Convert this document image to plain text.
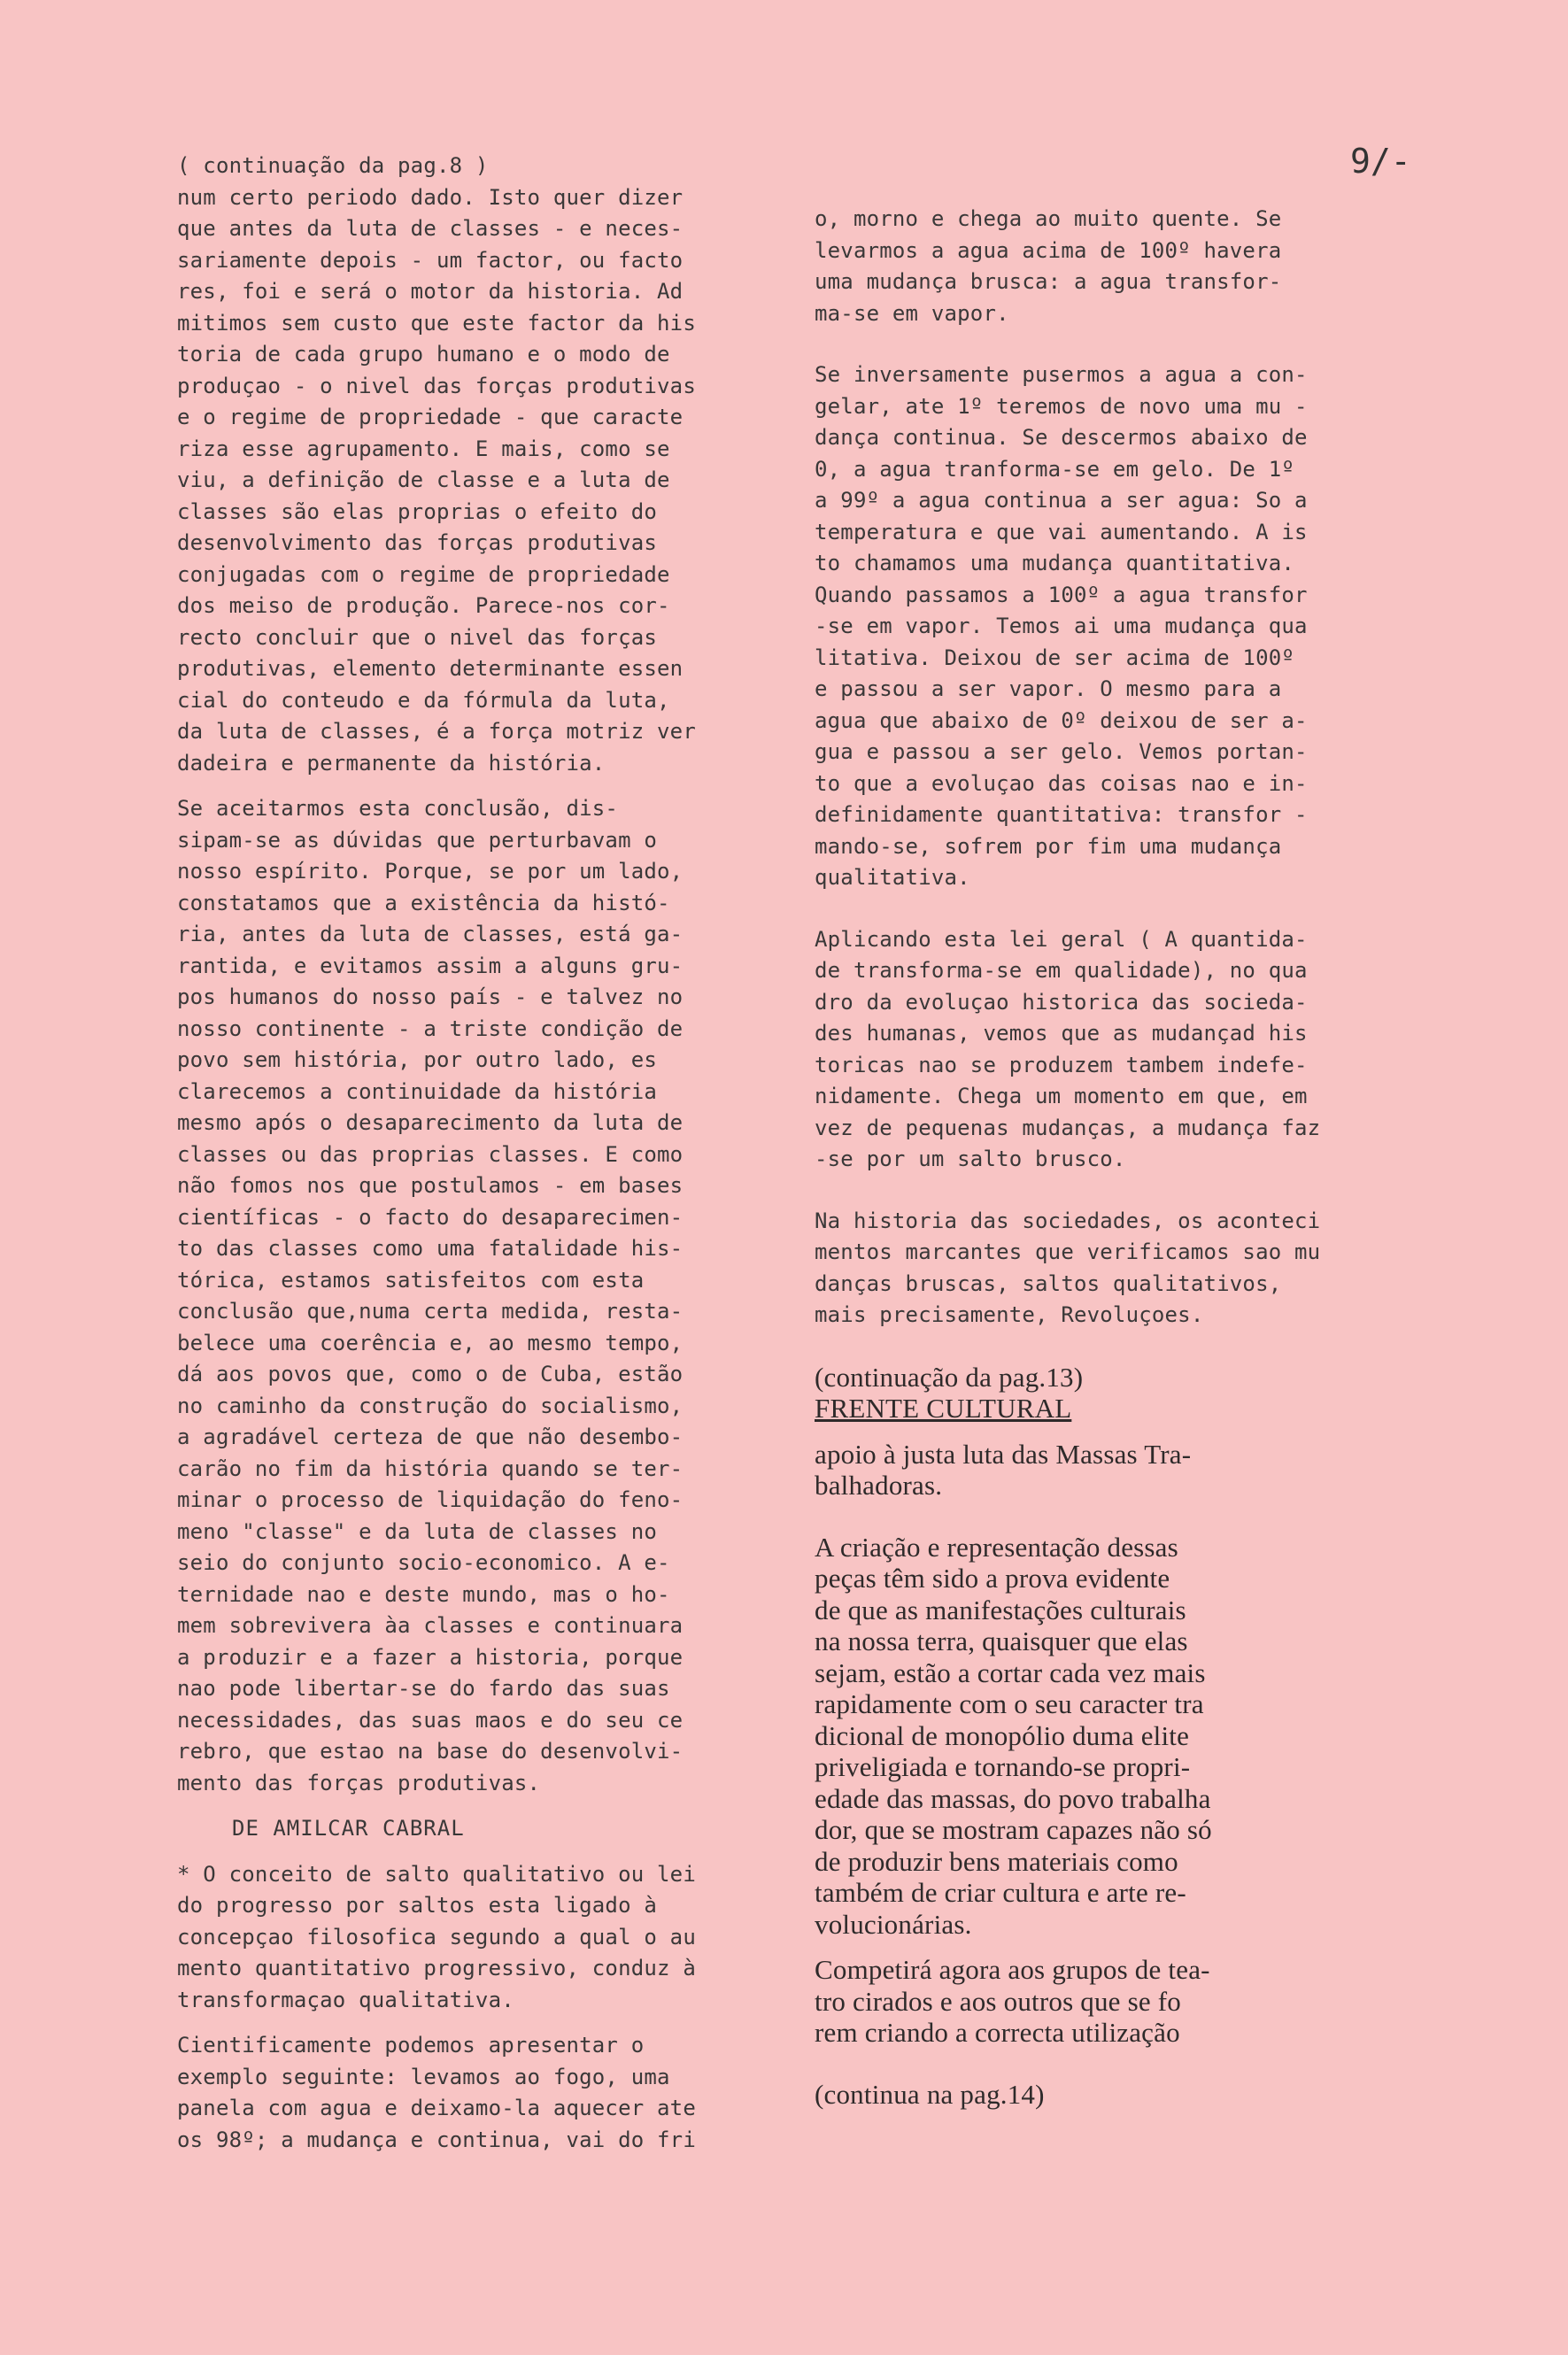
9/-

( continuação da pag.8 )

num certo periodo dado. Isto quer dizer

que antes da luta de classes - e neces-

sariamente depois - um factor, ou facto

res, foi e será o motor da historia. Ad

mitimos sem custo que este factor da his

toria de cada grupo humano e o modo de

produçao - o nivel das forças produtivas

e o regime de propriedade - que caracte

riza esse agrupamento. E mais, como se

viu, a definição de classe e a luta de

classes são elas proprias o efeito do

desenvolvimento das forças produtivas

conjugadas com o regime de propriedade

dos meiso de produção. Parece-nos cor-

recto concluir que o nivel das forças

produtivas, elemento determinante essen

cial do conteudo e da fórmula da luta,

da luta de classes, é a força motriz ver

dadeira e permanente da história.

Se aceitarmos esta conclusão, dis-

sipam-se as dúvidas que perturbavam o

nosso espírito. Porque, se por um lado,

constatamos que a existência da histó-

ria, antes da luta de classes, está ga-

rantida, e evitamos assim a alguns gru-

pos humanos do nosso país - e talvez no

nosso continente - a triste condição de

povo sem história, por outro lado, es

clarecemos a continuidade da história

mesmo após o desaparecimento da luta de

classes ou das proprias classes. E como

não fomos nos que postulamos - em bases

científicas - o facto do desaparecimen-

to das classes como uma fatalidade his-

tórica, estamos satisfeitos com esta

conclusão que,numa certa medida, resta-

belece uma coerência e, ao mesmo tempo,

dá aos povos que, como o de Cuba, estão

no caminho da construção do socialismo,

a agradável certeza de que não desembo-

carão no fim da história quando se ter-

minar o processo de liquidação do feno-

meno "classe" e da luta de classes no

seio do conjunto socio-economico. A e-

ternidade nao e deste mundo, mas o ho-

mem sobrevivera àa classes e continuara

a produzir e a fazer a historia, porque

nao pode libertar-se do fardo das suas

necessidades, das suas maos e do seu ce

rebro, que estao na base do desenvolvi-

mento das forças produtivas.

DE AMILCAR CABRAL

* O conceito de salto qualitativo ou lei

do progresso por saltos esta ligado à

concepçao filosofica segundo a qual o au

mento quantitativo progressivo, conduz à

transformaçao qualitativa.

Cientificamente podemos apresentar o

exemplo seguinte: levamos ao fogo, uma

panela com agua e deixamo-la aquecer ate

os 98º; a mudança e continua, vai do fri

o, morno e chega ao muito quente. Se

levarmos a agua acima de 100º havera

uma mudança brusca: a agua transfor-

ma-se em vapor.

Se inversamente pusermos a agua a con-

gelar, ate 1º teremos de novo uma mu -

dança continua. Se descermos abaixo de

0, a agua tranforma-se em gelo. De 1º

a 99º a agua continua a ser agua: So a

temperatura e que vai aumentando. A is

to chamamos uma mudança quantitativa.

Quando passamos a 100º a agua transfor

-se em vapor. Temos ai uma mudança qua

litativa. Deixou de ser acima de 100º

e passou a ser vapor. O mesmo para a

agua que abaixo de 0º deixou de ser a-

gua e passou a ser gelo. Vemos portan-

to que a evoluçao das coisas nao e in-

definidamente quantitativa: transfor -

mando-se, sofrem por fim uma mudança

qualitativa.

Aplicando esta lei geral ( A quantida-

de transforma-se em qualidade), no qua

dro da evoluçao historica das socieda-

des humanas, vemos que as mudançad his

toricas nao se produzem tambem indefe-

nidamente. Chega um momento em que, em

vez de pequenas mudanças, a mudança faz

-se por um salto brusco.

Na historia das sociedades, os aconteci

mentos marcantes que verificamos sao mu

danças bruscas, saltos qualitativos,

mais precisamente, Revoluçoes.

(continuação da pag.13)

FRENTE CULTURAL

apoio à justa luta das Massas Tra-

balhadoras.

A criação e representação dessas

peças têm sido a prova evidente

de que as manifestações culturais

na nossa terra, quaisquer que elas

sejam, estão a cortar cada vez mais

rapidamente com o seu caracter tra

dicional de monopólio duma elite

priveligiada e tornando-se propri-

edade das massas, do povo trabalha

dor, que se mostram capazes não só

de produzir bens materiais como

também de criar cultura e arte re-

volucionárias.

Competirá agora aos grupos de tea-

tro cirados e aos outros que se fo

rem criando a correcta utilização

(continua na pag.14)
